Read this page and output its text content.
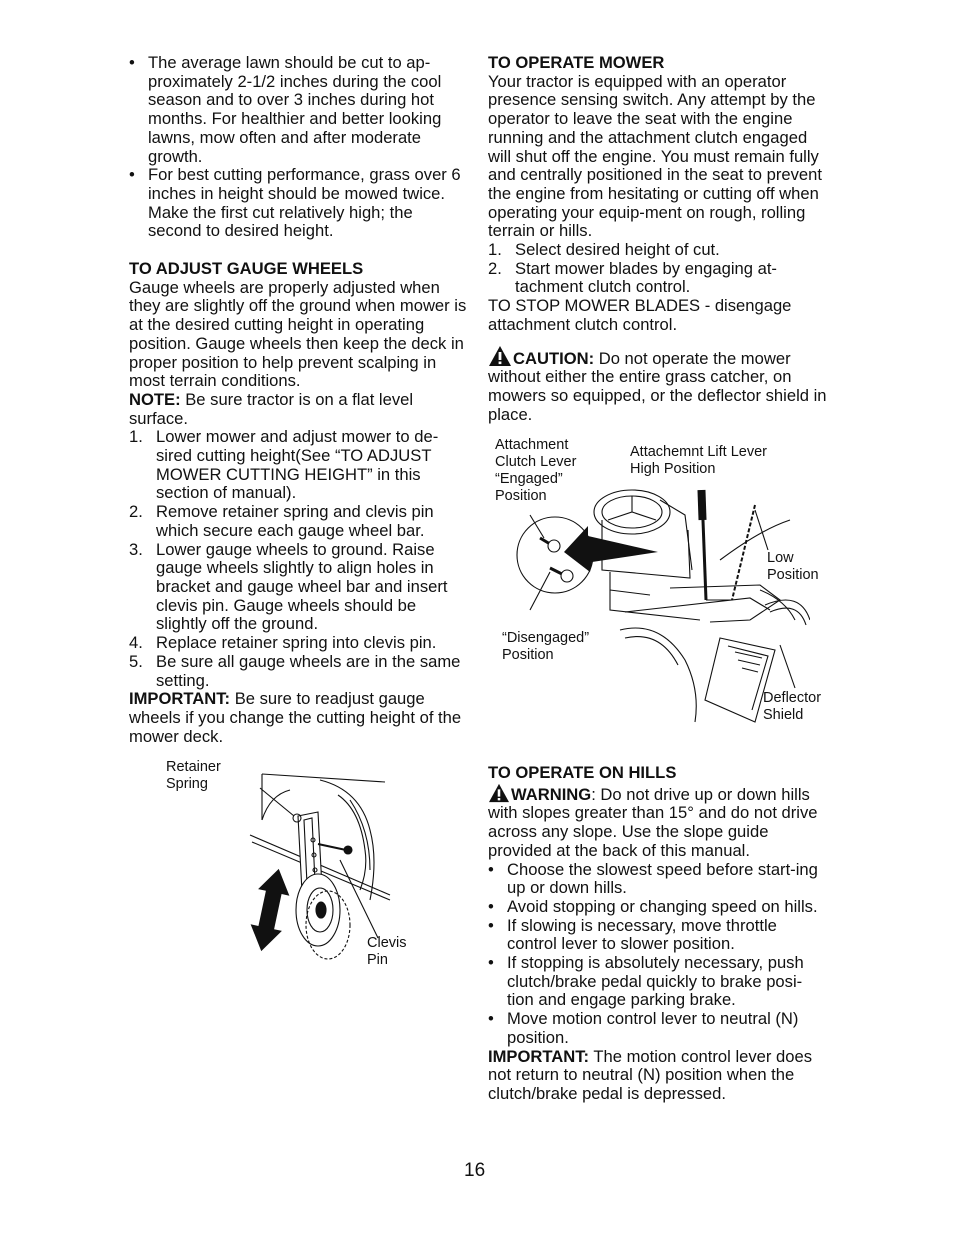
• The average lawn should be cut to ap-proximately 2-1/2 inches during the cool season and to over 3 inches during hot months. For healthier and better looking lawns, mow often and after moderate growth.
• For best cutting performance, grass over 6 inches in height should be mowed twice. Make the first cut relatively high; the second to desired height.

TO ADJUST GAUGE WHEELS

Gauge wheels are properly adjusted when they are slightly off the ground when mower is at the desired cutting height in operating position. Gauge wheels then keep the deck in proper position to help prevent scalping in most terrain conditions.

NOTE: Be sure tractor is on a flat level surface.

1. Lower mower and adjust mower to de-sired cutting height(See “TO ADJUST MOWER CUTTING HEIGHT” in this section of manual).
2. Remove retainer spring and clevis pin which secure each gauge wheel bar.
3. Lower gauge wheels to ground. Raise gauge wheels slightly to align holes in bracket and gauge wheel bar and insert clevis pin. Gauge wheels should be slightly off the ground.
4. Replace retainer spring into clevis pin.
5. Be sure all gauge wheels are in the same setting.

IMPORTANT: Be sure to readjust gauge wheels if you change the cutting height of the mower deck.

Retainer
Spring
Clevis
Pin

TO OPERATE MOWER

Your tractor is equipped with an operator presence sensing switch. Any attempt by the operator to leave the seat with the engine running and the attachment clutch engaged will shut off the engine. You must remain fully and centrally positioned in the seat to prevent the engine from hesitating or cutting off when operating your equip-ment on rough, rolling terrain or hills.

1. Select desired height of cut.
2. Start mower blades by engaging at-tachment clutch control.

TO STOP MOWER BLADES - disengage attachment clutch control.

CAUTION: Do not operate the mower without either the entire grass catcher, on mowers so equipped, or the deflector shield in place.

Attachment
Clutch Lever
“Engaged”
Position
Attachemnt Lift Lever
High Position
Low
Position
“Disengaged”
Position
Deflector
Shield

TO OPERATE ON HILLS

WARNING: Do not drive up or down hills with slopes greater than 15° and do not drive across any slope. Use the slope guide provided at the back of this manual.

• Choose the slowest speed before start-ing up or down hills.
• Avoid stopping or changing speed on hills.
• If slowing is necessary, move throttle control lever to slower position.
• If stopping is absolutely necessary, push clutch/brake pedal quickly to brake posi-tion and engage parking brake.
• Move motion control lever to neutral (N) position.

IMPORTANT: The motion control lever does not return to neutral (N) position when the clutch/brake pedal is depressed.

16
